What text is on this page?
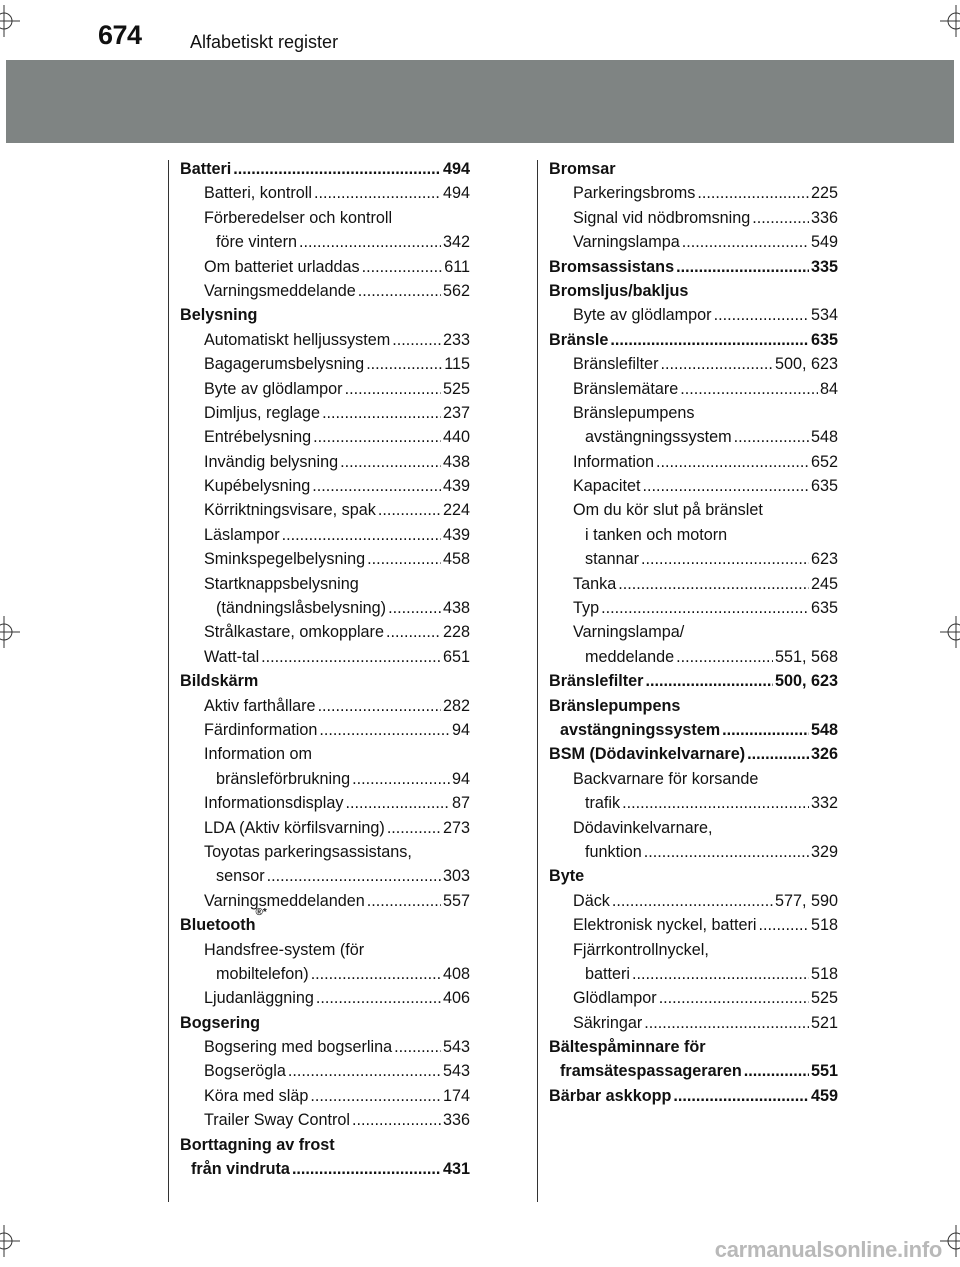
674	Alfabetiskt register
Batteri .....	494
Batteri, kontroll .....	494
Förberedelser och kontroll
före vintern .....	342
Om batteriet urladdas .....	611
Varningsmeddelande .....	562
Belysning
Automatiskt helljussystem .....	233
Bagagerumsbelysning .....	115
Byte av glödlampor .....	525
Dimljus, reglage .....	237
Entrébelysning .....	440
Invändig belysning .....	438
Kupébelysning .....	439
Körriktningsvisare, spak .....	224
Läslampor .....	439
Sminkspegelbelysning .....	458
Startknappsbelysning
(tändningslåsbelysning) .....	438
Strålkastare, omkopplare .....	228
Watt-tal .....	651
Bildskärm
Aktiv farthållare .....	282
Färdinformation .....	94
Information om
bränsleförbrukning .....	94
Informationsdisplay .....	87
LDA (Aktiv körfilsvarning) .....	273
Toyotas parkeringsassistans,
sensor .....	303
Varningsmeddelanden .....	557
Bluetooth
®*
Handsfree-system (för
mobiltelefon) .....	408
Ljudanläggning .....	406
Bogsering
Bogsering med bogserlina .....	543
Bogserögla .....	543
Köra med släp .....	174
Trailer Sway Control .....	336
Borttagning av frost
från vindruta .....	431
Bromsar
Parkeringsbroms .....	225
Signal vid nödbromsning .....	336
Varningslampa .....	549
Bromsassistans .....	335
Bromsljus/bakljus
Byte av glödlampor .....	534
Bränsle .....	635
Bränslefilter .....	500, 623
Bränslemätare .....	84
Bränslepumpens
avstängningssystem .....	548
Information .....	652
Kapacitet .....	635
Om du kör slut på bränslet
i tanken och motorn
stannar .....	623
Tanka .....	245
Typ .....	635
Varningslampa/
meddelande .....	551, 568
Bränslefilter .....	500, 623
Bränslepumpens
avstängningssystem .....	548
BSM (Dödavinkelvarnare) .....	326
Backvarnare för korsande
trafik .....	332
Dödavinkelvarnare,
funktion .....	329
Byte
Däck .....	577, 590
Elektronisk nyckel, batteri .....	518
Fjärrkontrollnyckel,
batteri .....	518
Glödlampor .....	525
Säkringar .....	521
Bältespåminnare för
framsätespassageraren .....	551
Bärbar askkopp .....	459
carmanualsonline.info
